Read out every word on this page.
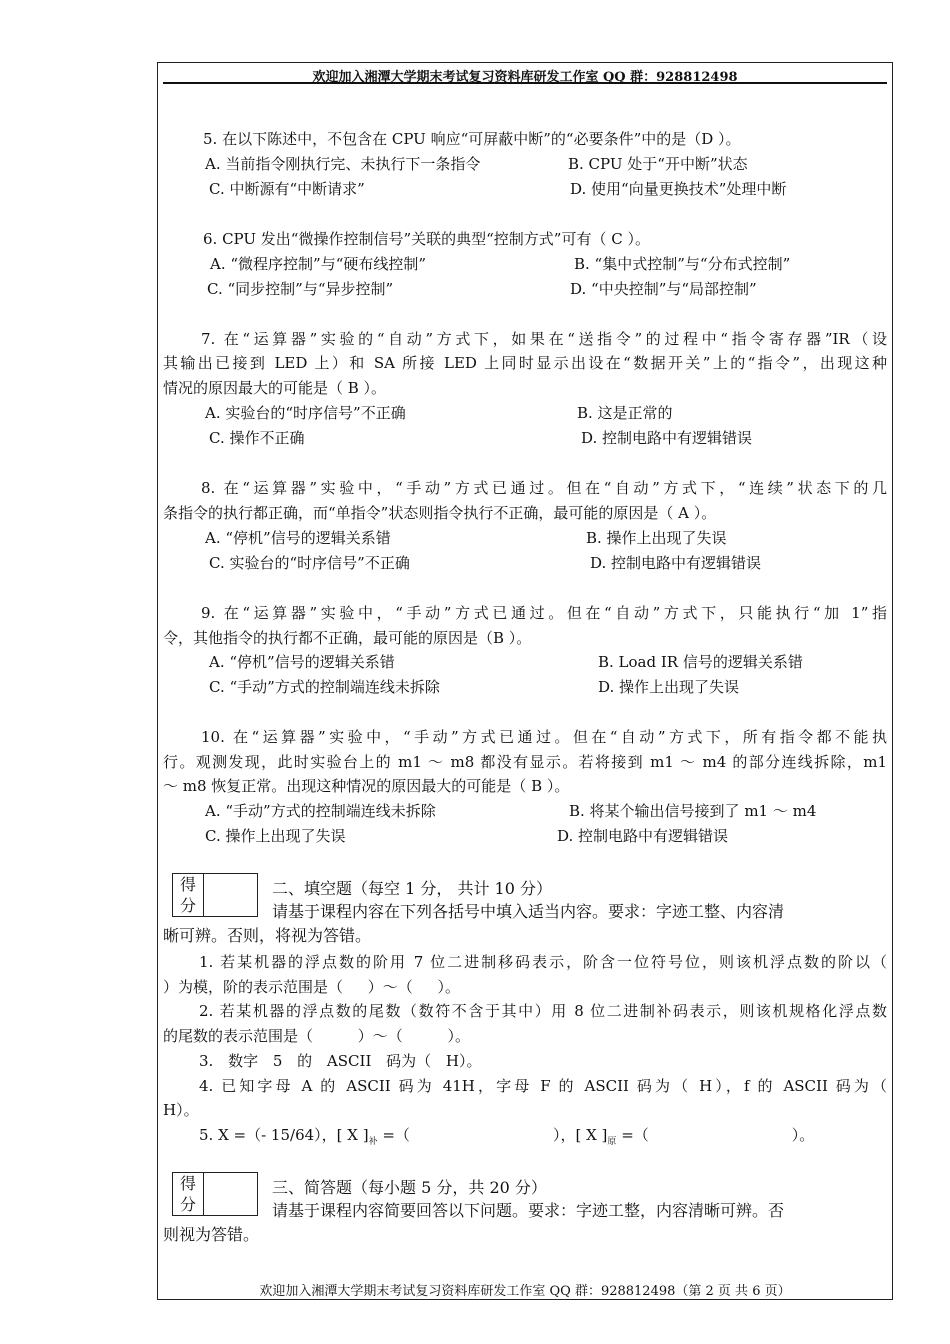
欢迎加入湘潭大学期末考试复习资料库研发工作室 QQ 群：928812498
5. 在以下陈述中，不包含在 CPU 响应“可屏蔽中断”的“必要条件”中的是（D ）。
A. 当前指令刚执行完、未执行下一条指令	B. CPU 处于“开中断”状态
C. 中断源有“中断请求”	D. 使用“向量更换技术”处理中断
6. CPU 发出“微操作控制信号”关联的典型“控制方式”可有（ C ）。
A. “微程序控制”与“硬布线控制”	B. “集中式控制”与“分布式控制”
C. “同步控制”与“异步控制”	D. “中央控制”与“局部控制”
7. 在“运算器”实验的“自动”方式下，如果在“送指令”的过程中“指令寄存器”IR（设
其输出已接到 LED 上）和 SA 所接 LED 上同时显示出设在“数据开关”上的“指令”，出现这种
情况的原因最大的可能是（ B ）。
A. 实验台的“时序信号”不正确	B. 这是正常的
C. 操作不正确	D. 控制电路中有逻辑错误
8. 在“运算器”实验中，“手动”方式已通过。但在“自动”方式下，“连续”状态下的几
条指令的执行都正确，而“单指令”状态则指令执行不正确，最可能的原因是（ A ）。
A. “停机”信号的逻辑关系错	B. 操作上出现了失误
C. 实验台的“时序信号”不正确	D. 控制电路中有逻辑错误
9. 在“运算器”实验中，“手动”方式已通过。但在“自动”方式下，只能执行“加 1”指
令，其他指令的执行都不正确，最可能的原因是（B ）。
A. “停机”信号的逻辑关系错	B. Load IR 信号的逻辑关系错
C. “手动”方式的控制端连线未拆除	D. 操作上出现了失误
10. 在“运算器”实验中，“手动”方式已通过。但在“自动”方式下，所有指令都不能执
行。观测发现，此时实验台上的 m1 ～ m8 都没有显示。若将接到 m1 ～ m4 的部分连线拆除，m1
～ m8 恢复正常。出现这种情况的原因最大的可能是（ B ）。
A. “手动”方式的控制端连线未拆除	B. 将某个输出信号接到了 m1 ～ m4
C. 操作上出现了失误	D. 控制电路中有逻辑错误
得分
二、填空题（每空 1 分， 共计 10 分）
请基于课程内容在下列各括号中填入适当内容。要求：字迹工整、内容清
晰可辨。否则，将视为答错。
1. 若某机器的浮点数的阶用 7 位二进制移码表示，阶含一位符号位，则该机浮点数的阶以（
）为模，阶的表示范围是（ ）～（ ）。
2. 若某机器的浮点数的尾数（数符不含于其中）用 8 位二进制补码表示，则该机规格化浮点数
的尾数的表示范围是（ ）～（ ）。
3. 数字 5 的 ASCII 码为（ H）。
4. 已知字母 A 的 ASCII 码为 41H，字母 F 的 ASCII 码为（ H），f 的 ASCII 码为（
H）。
5. X =（- 15/64），[ X ]$_补$ =（                              ），[ X ]$_原$ =（                              ）。
得分
三、简答题（每小题 5 分，共 20 分）
请基于课程内容简要回答以下问题。要求：字迹工整，内容清晰可辨。否
则视为答错。
欢迎加入湘潭大学期末考试复习资料库研发工作室 QQ 群：928812498（第 2 页 共 6 页）
